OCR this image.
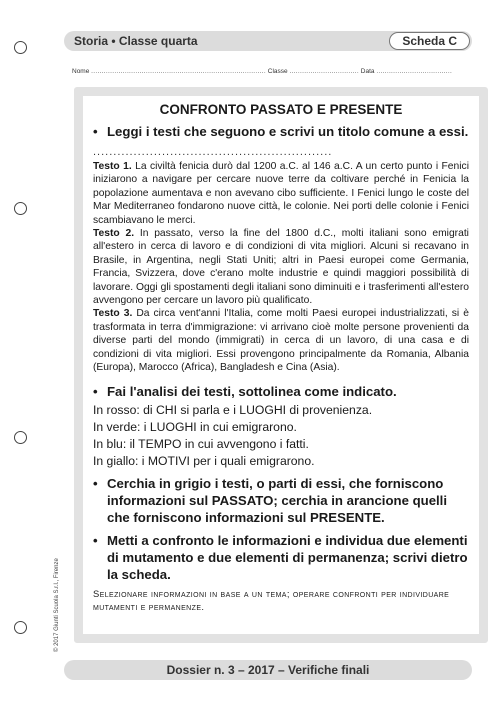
Storia • Classe quarta	Scheda C
Nome ................................................................................... Classe ................................. Data ....................................
CONFRONTO PASSATO E PRESENTE
• Leggi i testi che seguono e scrivi un titolo comune a essi.
...........................................................

Testo 1. La civiltà fenicia durò dal 1200 a.C. al 146 a.C. A un certo punto i Fenici iniziarono a navigare per cercare nuove terre da coltivare perché in Fenicia la popolazione aumentava e non avevano cibo sufficiente. I Fenici lungo le coste del Mar Mediterraneo fondarono nuove città, le colonie. Nei porti delle colonie i Fenici scambiavano le merci.

Testo 2. In passato, verso la fine del 1800 d.C., molti italiani sono emigrati all'estero in cerca di lavoro e di condizioni di vita migliori. Alcuni si recavano in Brasile, in Argentina, negli Stati Uniti; altri in Paesi europei come Germania, Francia, Svizzera, dove c'erano molte industrie e quindi maggiori possibilità di lavorare. Oggi gli spostamenti degli italiani sono diminuiti e i trasferimenti all'estero avvengono per cercare un lavoro più qualificato.

Testo 3. Da circa vent'anni l'Italia, come molti Paesi europei industrializzati, si è trasformata in terra d'immigrazione: vi arrivano cioè molte persone provenienti da diverse parti del mondo (immigrati) in cerca di un lavoro, di una casa e di condizioni di vita migliori. Essi provengono principalmente da Romania, Albania (Europa), Marocco (Africa), Bangladesh e Cina (Asia).

• Fai l'analisi dei testi, sottolinea come indicato.
In rosso: di CHI si parla e i LUOGHI di provenienza.
In verde: i LUOGHI in cui emigrarono.
In blu: il TEMPO in cui avvengono i fatti.
In giallo: i MOTIVI per i quali emigrarono.
• Cerchia in grigio i testi, o parti di essi, che forniscono informazioni sul PASSATO; cerchia in arancione quelli che forniscono informazioni sul PRESENTE.
• Metti a confronto le informazioni e individua due elementi di mutamento e due elementi di permanenza; scrivi dietro la scheda.
Selezionare informazioni in base a un tema; operare confronti per individuare mutamenti e permanenze.
© 2017 Giunti Scuola S.r.l., Firenze
Dossier n. 3 – 2017 – Verifiche finali
